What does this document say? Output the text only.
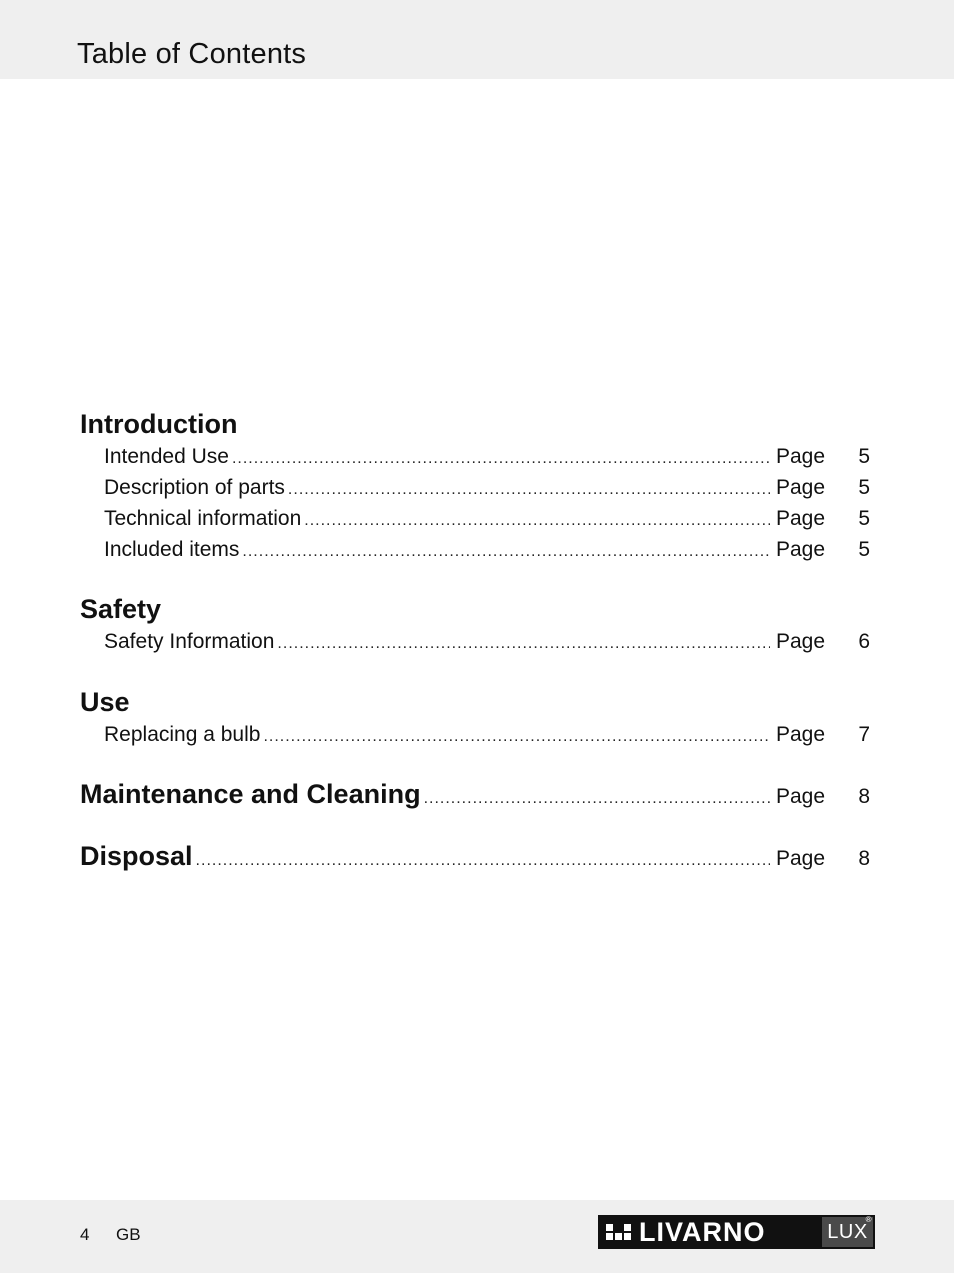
Table of Contents
Introduction
Intended Use .....	Page	5
Description of parts .....	Page	5
Technical information .....	Page	5
Included items .....	Page	5
Safety
Safety Information .....	Page	6
Use
Replacing a bulb .....	Page	7
Maintenance and Cleaning .....	Page	8
Disposal .....	Page	8
4 GB	LIVARNO	LUX
®
